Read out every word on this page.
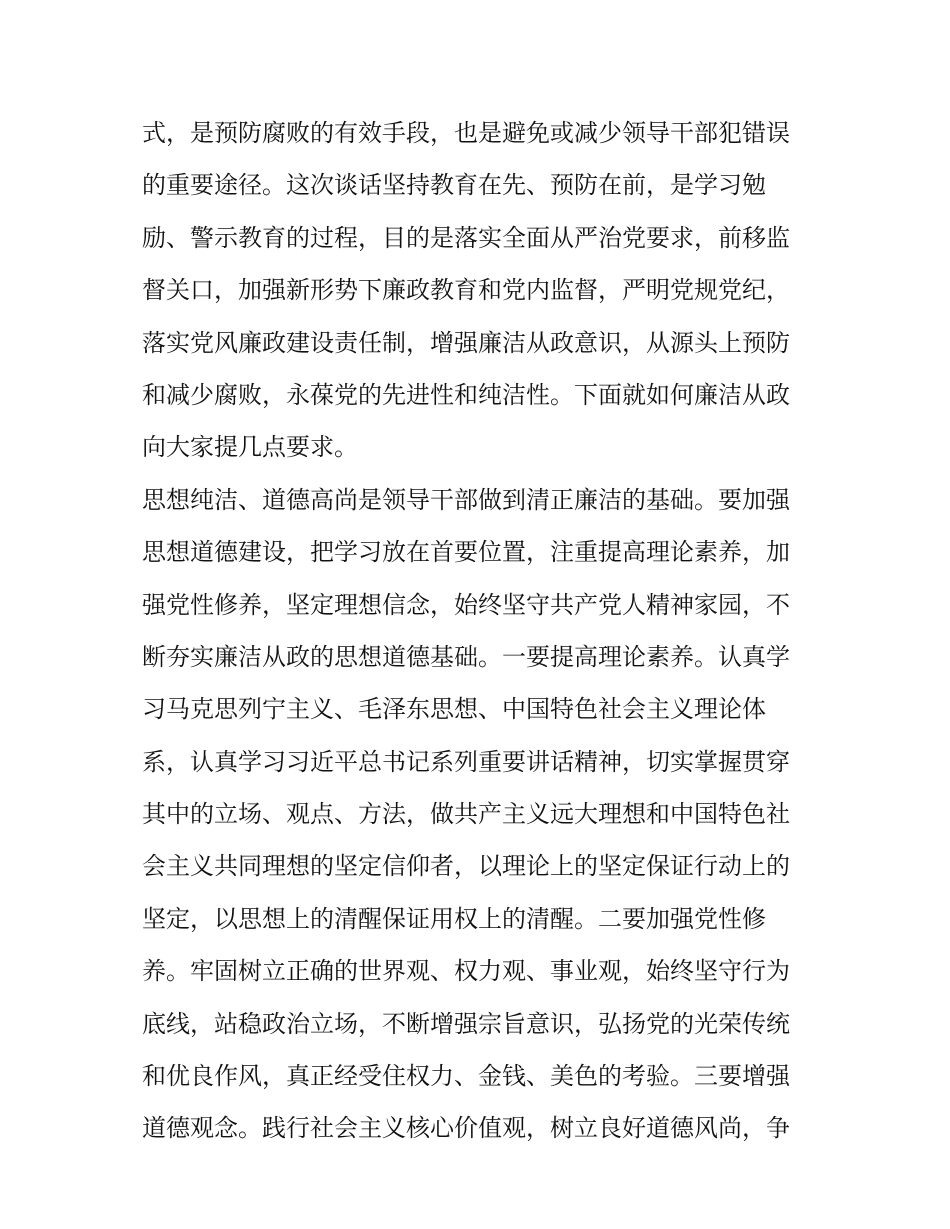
式，是预防腐败的有效手段，也是避免或减少领导干部犯错误
的重要途径。这次谈话坚持教育在先、预防在前，是学习勉
励、警示教育的过程，目的是落实全面从严治党要求，前移监
督关口，加强新形势下廉政教育和党内监督，严明党规党纪，
落实党风廉政建设责任制，增强廉洁从政意识，从源头上预防
和减少腐败，永葆党的先进性和纯洁性。下面就如何廉洁从政
向大家提几点要求。
思想纯洁、道德高尚是领导干部做到清正廉洁的基础。要加强
思想道德建设，把学习放在首要位置，注重提高理论素养，加
强党性修养，坚定理想信念，始终坚守共产党人精神家园，不
断夯实廉洁从政的思想道德基础。一要提高理论素养。认真学
习马克思列宁主义、毛泽东思想、中国特色社会主义理论体
系，认真学习习近平总书记系列重要讲话精神，切实掌握贯穿
其中的立场、观点、方法，做共产主义远大理想和中国特色社
会主义共同理想的坚定信仰者，以理论上的坚定保证行动上的
坚定，以思想上的清醒保证用权上的清醒。二要加强党性修
养。牢固树立正确的世界观、权力观、事业观，始终坚守行为
底线，站稳政治立场，不断增强宗旨意识，弘扬党的光荣传统
和优良作风，真正经受住权力、金钱、美色的考验。三要增强
道德观念。践行社会主义核心价值观，树立良好道德风尚，争
